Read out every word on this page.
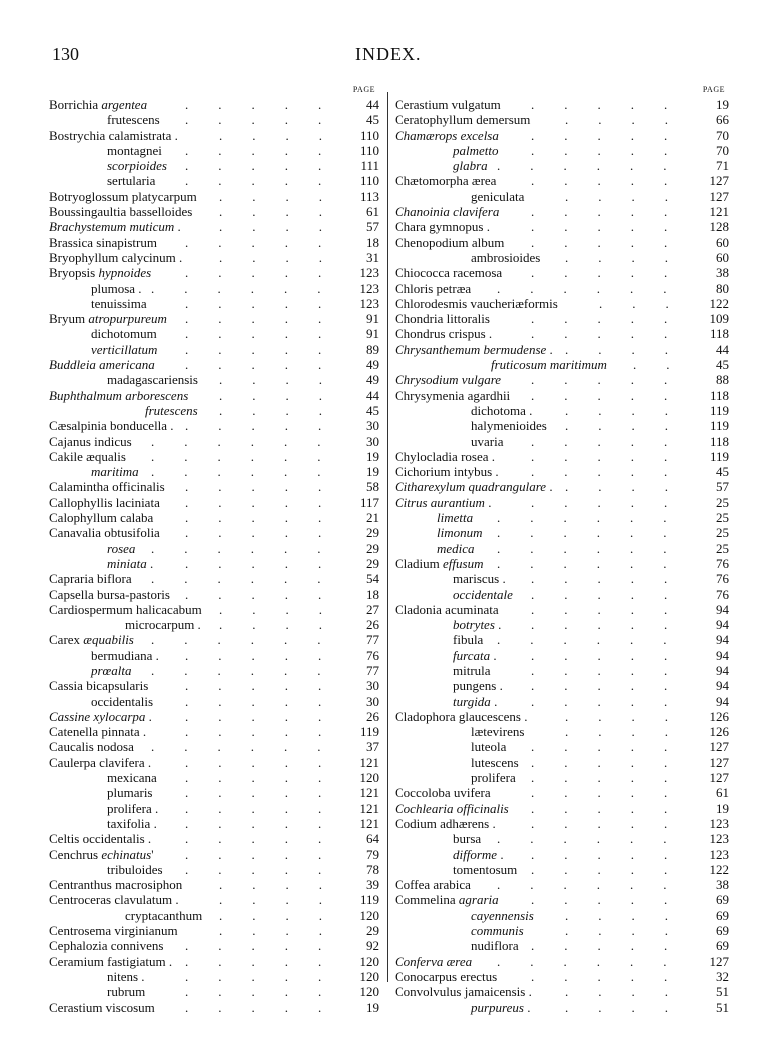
130	INDEX.
PAGE
Borrichia argentea	44
.....
frutescens	45
.....
Bostrychia calamistrata .	110
....
montagnei	110
.....
scorpioides	111
.....
sertularia	110
.....
Botryoglossum platycarpum	113
....
Boussingaultia basselloides	61
....
Brachystemum muticum .	57
....
Brassica sinapistrum	18
.....
Bryophyllum calycinum .	31
....
Bryopsis hypnoides	123
.....
plumosa .	123
......
tenuissima	123
.....
Bryum atropurpureum	91
.....
dichotomum	91
.....
verticillatum	89
.....
Buddleia americana	49
.....
madagascariensis	49
....
Buphthalmum arborescens	44
....
frutescens	45
....
Cæsalpinia bonducella .	30
.....
Cajanus indicus	30
......
Cakile æqualis	19
......
maritima	19
......
Calamintha officinalis	58
.....
Callophyllis laciniata	117
.....
Calophyllum calaba	21
.....
Canavalia obtusifolia	29
.....
rosea	29
......
miniata .	29
.....
Capraria biflora	54
......
Capsella bursa-pastoris	18
.....
Cardiospermum halicacabum	27
....
microcarpum .	26
....
Carex æquabilis	77
......
bermudiana .	76
.....
prœalta	77
......
Cassia bicapsularis	30
.....
occidentalis	30
.....
Cassine xylocarpa .	26
.....
Catenella pinnata .	119
.....
Caucalis nodosa	37
......
Caulerpa clavifera .	121
.....
mexicana	120
.....
plumaris	121
.....
prolifera .	121
.....
taxifolia .	121
.....
Celtis occidentalis .	64
.....
Cenchrus echinatus'	79
.....
tribuloides	78
.....
Centranthus macrosiphon	39
....
Centroceras clavulatum .	119
....
cryptacanthum	120
....
Centrosema virginianum	29
....
Cephalozia connivens	92
.....
Ceramium fastigiatum .	120
.....
nitens .	120
.....
rubrum	120
.....
Cerastium viscosum	19
.....
PAGE
Cerastium vulgatum	19
.....
Ceratophyllum demersum	66
....
Chamærops excelsa	70
.....
palmetto	70
.....
glabra	71
......
Chætomorpha ærea	127
.....
geniculata	127
....
Chanoinia clavifera	121
.....
Chara gymnopus .	128
.....
Chenopodium album	60
.....
ambrosioides	60
....
Chiococca racemosa	38
.....
Chloris petræa	80
......
Chlorodesmis vaucheriæformis	122
...
Chondria littoralis	109
.....
Chondrus crispus .	118
.....
Chrysanthemum bermudense .	44
....
fruticosum maritimum	45
..
Chrysodium vulgare	88
.....
Chrysymenia agardhii	118
.....
dichotoma .	119
....
halymenioides	119
....
uvaria	118
.....
Chylocladia rosea .	119
.....
Cichorium intybus .	45
.....
Citharexylum quadrangulare .	57
....
Citrus aurantium .	25
.....
limetta	25
......
limonum	25
......
medica	25
......
Cladium effusum	76
......
mariscus .	76
.....
occidentale	76
.....
Cladonia acuminata	94
.....
botrytes .	94
.....
fibula	94
......
furcata .	94
.....
mitrula	94
.....
pungens .	94
.....
turgida .	94
.....
Cladophora glaucescens .	126
....
lætevirens	126
....
luteola	127
.....
lutescens	127
.....
prolifera	127
.....
Coccoloba uvifera	61
.....
Cochlearia officinalis	19
.....
Codium adhærens .	123
.....
bursa	123
......
difforme .	123
.....
tomentosum	122
.....
Coffea arabica	38
......
Commelina agraria	69
.....
cayennensis	69
....
communis	69
....
nudiflora	69
.....
Conferva ærea	127
......
Conocarpus erectus	32
.....
Convolvulus jamaicensis .	51
....
purpureus .	51
....
